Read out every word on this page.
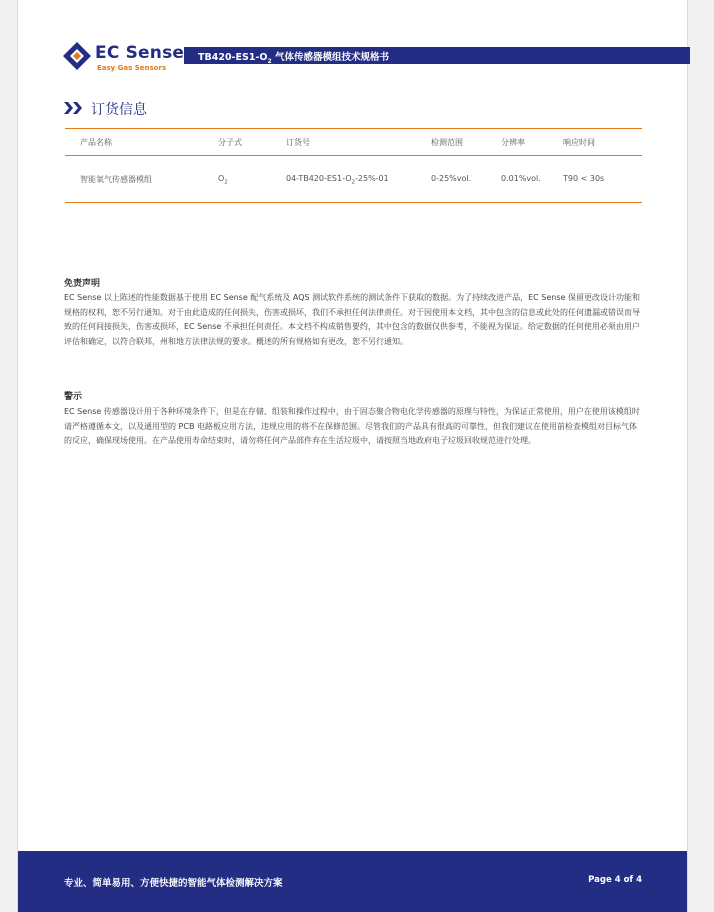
EC Sense
Easy Gas Sensors
$TB420-ES1-O_2$ 气体传感器模组技术规格书
订货信息
产品名称	分子式	订货号	检测范围	分辨率	响应时间
智能氧气传感器模组	$O_2$	$04-TB420-ES1-O_2-25\%-01$	0-25%vol.	0.01%vol.	T90 < 30s
免责声明
EC Sense 以上陈述的性能数据基于使用 EC Sense 配气系统及 AQS 测试软件系统的测试条件下获取的数据。为了持续改进产品，EC Sense 保留更改设计功能和规格的权利，恕不另行通知。对于由此造成的任何损失，伤害或损坏，我们不承担任何法律责任。对于因使用本文档，其中包含的信息或此处的任何遗漏或错误而导致的任何间接损失，伤害或损坏，EC Sense 不承担任何责任。本文档不构成销售要约，其中包含的数据仅供参考，不能视为保证。给定数据的任何使用必须由用户评估和确定，以符合联邦，州和地方法律法规的要求。概述的所有规格如有更改，恕不另行通知。
警示
EC Sense 传感器设计用于各种环境条件下，但是在存储、组装和操作过程中，由于固态聚合物电化学传感器的原理与特性，为保证正常使用，用户在使用该模组时请严格遵循本文，以及通用型的 PCB 电路板应用方法，违规应用的将不在保修范围。尽管我们的产品具有很高的可靠性，但我们建议在使用前检查模组对目标气体的反应，确保现场使用。在产品使用寿命结束时，请勿将任何产品部件弃在生活垃圾中，请按照当地政府电子垃圾回收规范进行处理。
专业、简单易用、方便快捷的智能气体检测解决方案	Page 4 of 4
